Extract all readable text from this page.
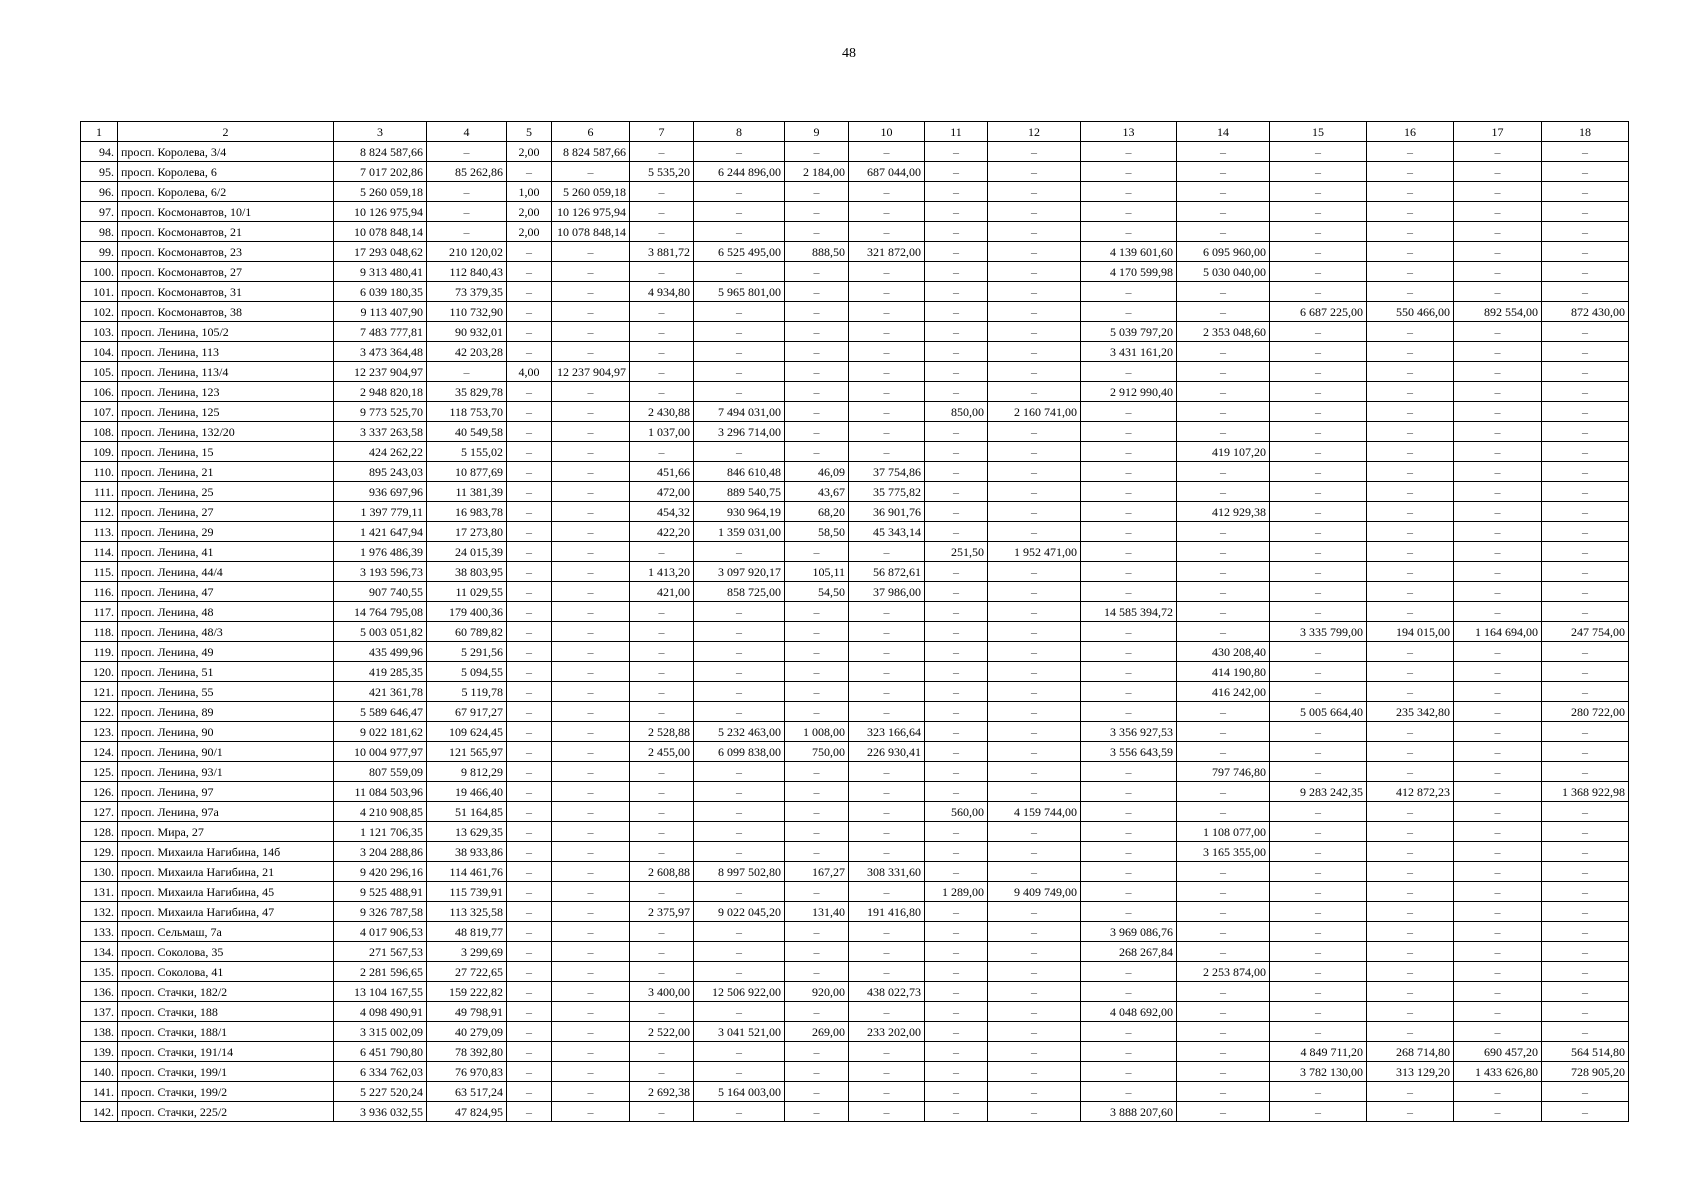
48
1	2	3	4	5	6	7	8	9	10	11	12	13	14	15	16	17	18
94.	просп. Королева, 3/4	8 824 587,66	–	2,00	8 824 587,66	–	–	–	–	–	–	–	–	–	–	–	–
95.	просп. Королева, 6	7 017 202,86	85 262,86	–	–	5 535,20	6 244 896,00	2 184,00	687 044,00	–	–	–	–	–	–	–	–
96.	просп. Королева, 6/2	5 260 059,18	–	1,00	5 260 059,18	–	–	–	–	–	–	–	–	–	–	–	–
97.	просп. Космонавтов, 10/1	10 126 975,94	–	2,00	10 126 975,94	–	–	–	–	–	–	–	–	–	–	–	–
98.	просп. Космонавтов, 21	10 078 848,14	–	2,00	10 078 848,14	–	–	–	–	–	–	–	–	–	–	–	–
99.	просп. Космонавтов, 23	17 293 048,62	210 120,02	–	–	3 881,72	6 525 495,00	888,50	321 872,00	–	–	4 139 601,60	6 095 960,00	–	–	–	–
100.	просп. Космонавтов, 27	9 313 480,41	112 840,43	–	–	–	–	–	–	–	–	4 170 599,98	5 030 040,00	–	–	–	–
101.	просп. Космонавтов, 31	6 039 180,35	73 379,35	–	–	4 934,80	5 965 801,00	–	–	–	–	–	–	–	–	–	–
102.	просп. Космонавтов, 38	9 113 407,90	110 732,90	–	–	–	–	–	–	–	–	–	–	6 687 225,00	550 466,00	892 554,00	872 430,00
103.	просп. Ленина, 105/2	7 483 777,81	90 932,01	–	–	–	–	–	–	–	–	5 039 797,20	2 353 048,60	–	–	–	–
104.	просп. Ленина, 113	3 473 364,48	42 203,28	–	–	–	–	–	–	–	–	3 431 161,20	–	–	–	–	–
105.	просп. Ленина, 113/4	12 237 904,97	–	4,00	12 237 904,97	–	–	–	–	–	–	–	–	–	–	–	–
106.	просп. Ленина, 123	2 948 820,18	35 829,78	–	–	–	–	–	–	–	–	2 912 990,40	–	–	–	–	–
107.	просп. Ленина, 125	9 773 525,70	118 753,70	–	–	2 430,88	7 494 031,00	–	–	850,00	2 160 741,00	–	–	–	–	–	–
108.	просп. Ленина, 132/20	3 337 263,58	40 549,58	–	–	1 037,00	3 296 714,00	–	–	–	–	–	–	–	–	–	–
109.	просп. Ленина, 15	424 262,22	5 155,02	–	–	–	–	–	–	–	–	–	419 107,20	–	–	–	–
110.	просп. Ленина, 21	895 243,03	10 877,69	–	–	451,66	846 610,48	46,09	37 754,86	–	–	–	–	–	–	–	–
111.	просп. Ленина, 25	936 697,96	11 381,39	–	–	472,00	889 540,75	43,67	35 775,82	–	–	–	–	–	–	–	–
112.	просп. Ленина, 27	1 397 779,11	16 983,78	–	–	454,32	930 964,19	68,20	36 901,76	–	–	–	412 929,38	–	–	–	–
113.	просп. Ленина, 29	1 421 647,94	17 273,80	–	–	422,20	1 359 031,00	58,50	45 343,14	–	–	–	–	–	–	–	–
114.	просп. Ленина, 41	1 976 486,39	24 015,39	–	–	–	–	–	–	251,50	1 952 471,00	–	–	–	–	–	–
115.	просп. Ленина, 44/4	3 193 596,73	38 803,95	–	–	1 413,20	3 097 920,17	105,11	56 872,61	–	–	–	–	–	–	–	–
116.	просп. Ленина, 47	907 740,55	11 029,55	–	–	421,00	858 725,00	54,50	37 986,00	–	–	–	–	–	–	–	–
117.	просп. Ленина, 48	14 764 795,08	179 400,36	–	–	–	–	–	–	–	–	14 585 394,72	–	–	–	–	–
118.	просп. Ленина, 48/3	5 003 051,82	60 789,82	–	–	–	–	–	–	–	–	–	–	3 335 799,00	194 015,00	1 164 694,00	247 754,00
119.	просп. Ленина, 49	435 499,96	5 291,56	–	–	–	–	–	–	–	–	–	430 208,40	–	–	–	–
120.	просп. Ленина, 51	419 285,35	5 094,55	–	–	–	–	–	–	–	–	–	414 190,80	–	–	–	–
121.	просп. Ленина, 55	421 361,78	5 119,78	–	–	–	–	–	–	–	–	–	416 242,00	–	–	–	–
122.	просп. Ленина, 89	5 589 646,47	67 917,27	–	–	–	–	–	–	–	–	–	–	5 005 664,40	235 342,80	–	280 722,00
123.	просп. Ленина, 90	9 022 181,62	109 624,45	–	–	2 528,88	5 232 463,00	1 008,00	323 166,64	–	–	3 356 927,53	–	–	–	–	–
124.	просп. Ленина, 90/1	10 004 977,97	121 565,97	–	–	2 455,00	6 099 838,00	750,00	226 930,41	–	–	3 556 643,59	–	–	–	–	–
125.	просп. Ленина, 93/1	807 559,09	9 812,29	–	–	–	–	–	–	–	–	–	797 746,80	–	–	–	–
126.	просп. Ленина, 97	11 084 503,96	19 466,40	–	–	–	–	–	–	–	–	–	–	9 283 242,35	412 872,23	–	1 368 922,98
127.	просп. Ленина, 97а	4 210 908,85	51 164,85	–	–	–	–	–	–	560,00	4 159 744,00	–	–	–	–	–	–
128.	просп. Мира, 27	1 121 706,35	13 629,35	–	–	–	–	–	–	–	–	–	1 108 077,00	–	–	–	–
129.	просп. Михаила Нагибина, 14б	3 204 288,86	38 933,86	–	–	–	–	–	–	–	–	–	3 165 355,00	–	–	–	–
130.	просп. Михаила Нагибина, 21	9 420 296,16	114 461,76	–	–	2 608,88	8 997 502,80	167,27	308 331,60	–	–	–	–	–	–	–	–
131.	просп. Михаила Нагибина, 45	9 525 488,91	115 739,91	–	–	–	–	–	–	1 289,00	9 409 749,00	–	–	–	–	–	–
132.	просп. Михаила Нагибина, 47	9 326 787,58	113 325,58	–	–	2 375,97	9 022 045,20	131,40	191 416,80	–	–	–	–	–	–	–	–
133.	просп. Сельмаш, 7а	4 017 906,53	48 819,77	–	–	–	–	–	–	–	–	3 969 086,76	–	–	–	–	–
134.	просп. Соколова, 35	271 567,53	3 299,69	–	–	–	–	–	–	–	–	268 267,84	–	–	–	–	–
135.	просп. Соколова, 41	2 281 596,65	27 722,65	–	–	–	–	–	–	–	–	–	2 253 874,00	–	–	–	–
136.	просп. Стачки, 182/2	13 104 167,55	159 222,82	–	–	3 400,00	12 506 922,00	920,00	438 022,73	–	–	–	–	–	–	–	–
137.	просп. Стачки, 188	4 098 490,91	49 798,91	–	–	–	–	–	–	–	–	4 048 692,00	–	–	–	–	–
138.	просп. Стачки, 188/1	3 315 002,09	40 279,09	–	–	2 522,00	3 041 521,00	269,00	233 202,00	–	–	–	–	–	–	–	–
139.	просп. Стачки, 191/14	6 451 790,80	78 392,80	–	–	–	–	–	–	–	–	–	–	4 849 711,20	268 714,80	690 457,20	564 514,80
140.	просп. Стачки, 199/1	6 334 762,03	76 970,83	–	–	–	–	–	–	–	–	–	–	3 782 130,00	313 129,20	1 433 626,80	728 905,20
141.	просп. Стачки, 199/2	5 227 520,24	63 517,24	–	–	2 692,38	5 164 003,00	–	–	–	–	–	–	–	–	–	–
142.	просп. Стачки, 225/2	3 936 032,55	47 824,95	–	–	–	–	–	–	–	–	3 888 207,60	–	–	–	–	–
